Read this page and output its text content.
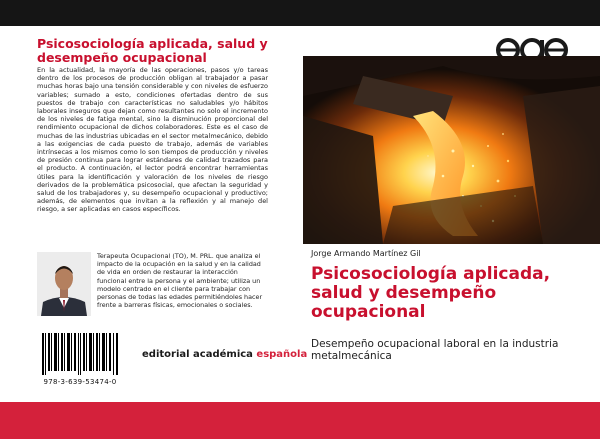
Psicosociología aplicada, salud y desempeño ocupacional
En la actualidad, la mayoría de las operaciones, pasos y/o tareas dentro de los procesos de producción obligan al trabajador a pasar muchas horas bajo una tensión considerable y con niveles de esfuerzo variables; sumado a esto, condiciones ofertadas dentro de sus puestos de trabajo con características no saludables y/o hábitos laborales inseguros que dejan como resultantes no solo el incremento de los niveles de fatiga mental, sino la disminución proporcional del rendimiento ocupacional de dichos colaboradores. Este es el caso de muchas de las industrias ubicadas en el sector metalmecánico, debido a las exigencias de cada puesto de trabajo, además de variables intrínsecas a los mismos como lo son tiempos de producción y niveles de presión continua para lograr estándares de calidad trazados para el producto. A continuación, el lector podrá encontrar herramientas útiles para la identificación y valoración de los niveles de riesgo derivados de la problemática psicosocial, que afectan la seguridad y salud de los trabajadores y, su desempeño ocupacional y productivo; además, de elementos que invitan a la reflexión y al manejo del riesgo, a ser aplicadas en casos específicos.
Terapeuta Ocupacional (TO), M. PRL. que analiza el impacto de la ocupación en la salud y en la calidad de vida en orden de restaurar la interacción funcional entre la persona y el ambiente; utiliza un modelo centrado en el cliente para trabajar con personas de todas las edades permitiéndoles hacer frente a barreras físicas, emocionales o sociales.
978-3-639-53474-0
editorial académica española
Jorge Armando Martínez Gil
Psicosociología aplicada, salud y desempeño ocupacional
Desempeño ocupacional laboral en la industria metalmecánica
